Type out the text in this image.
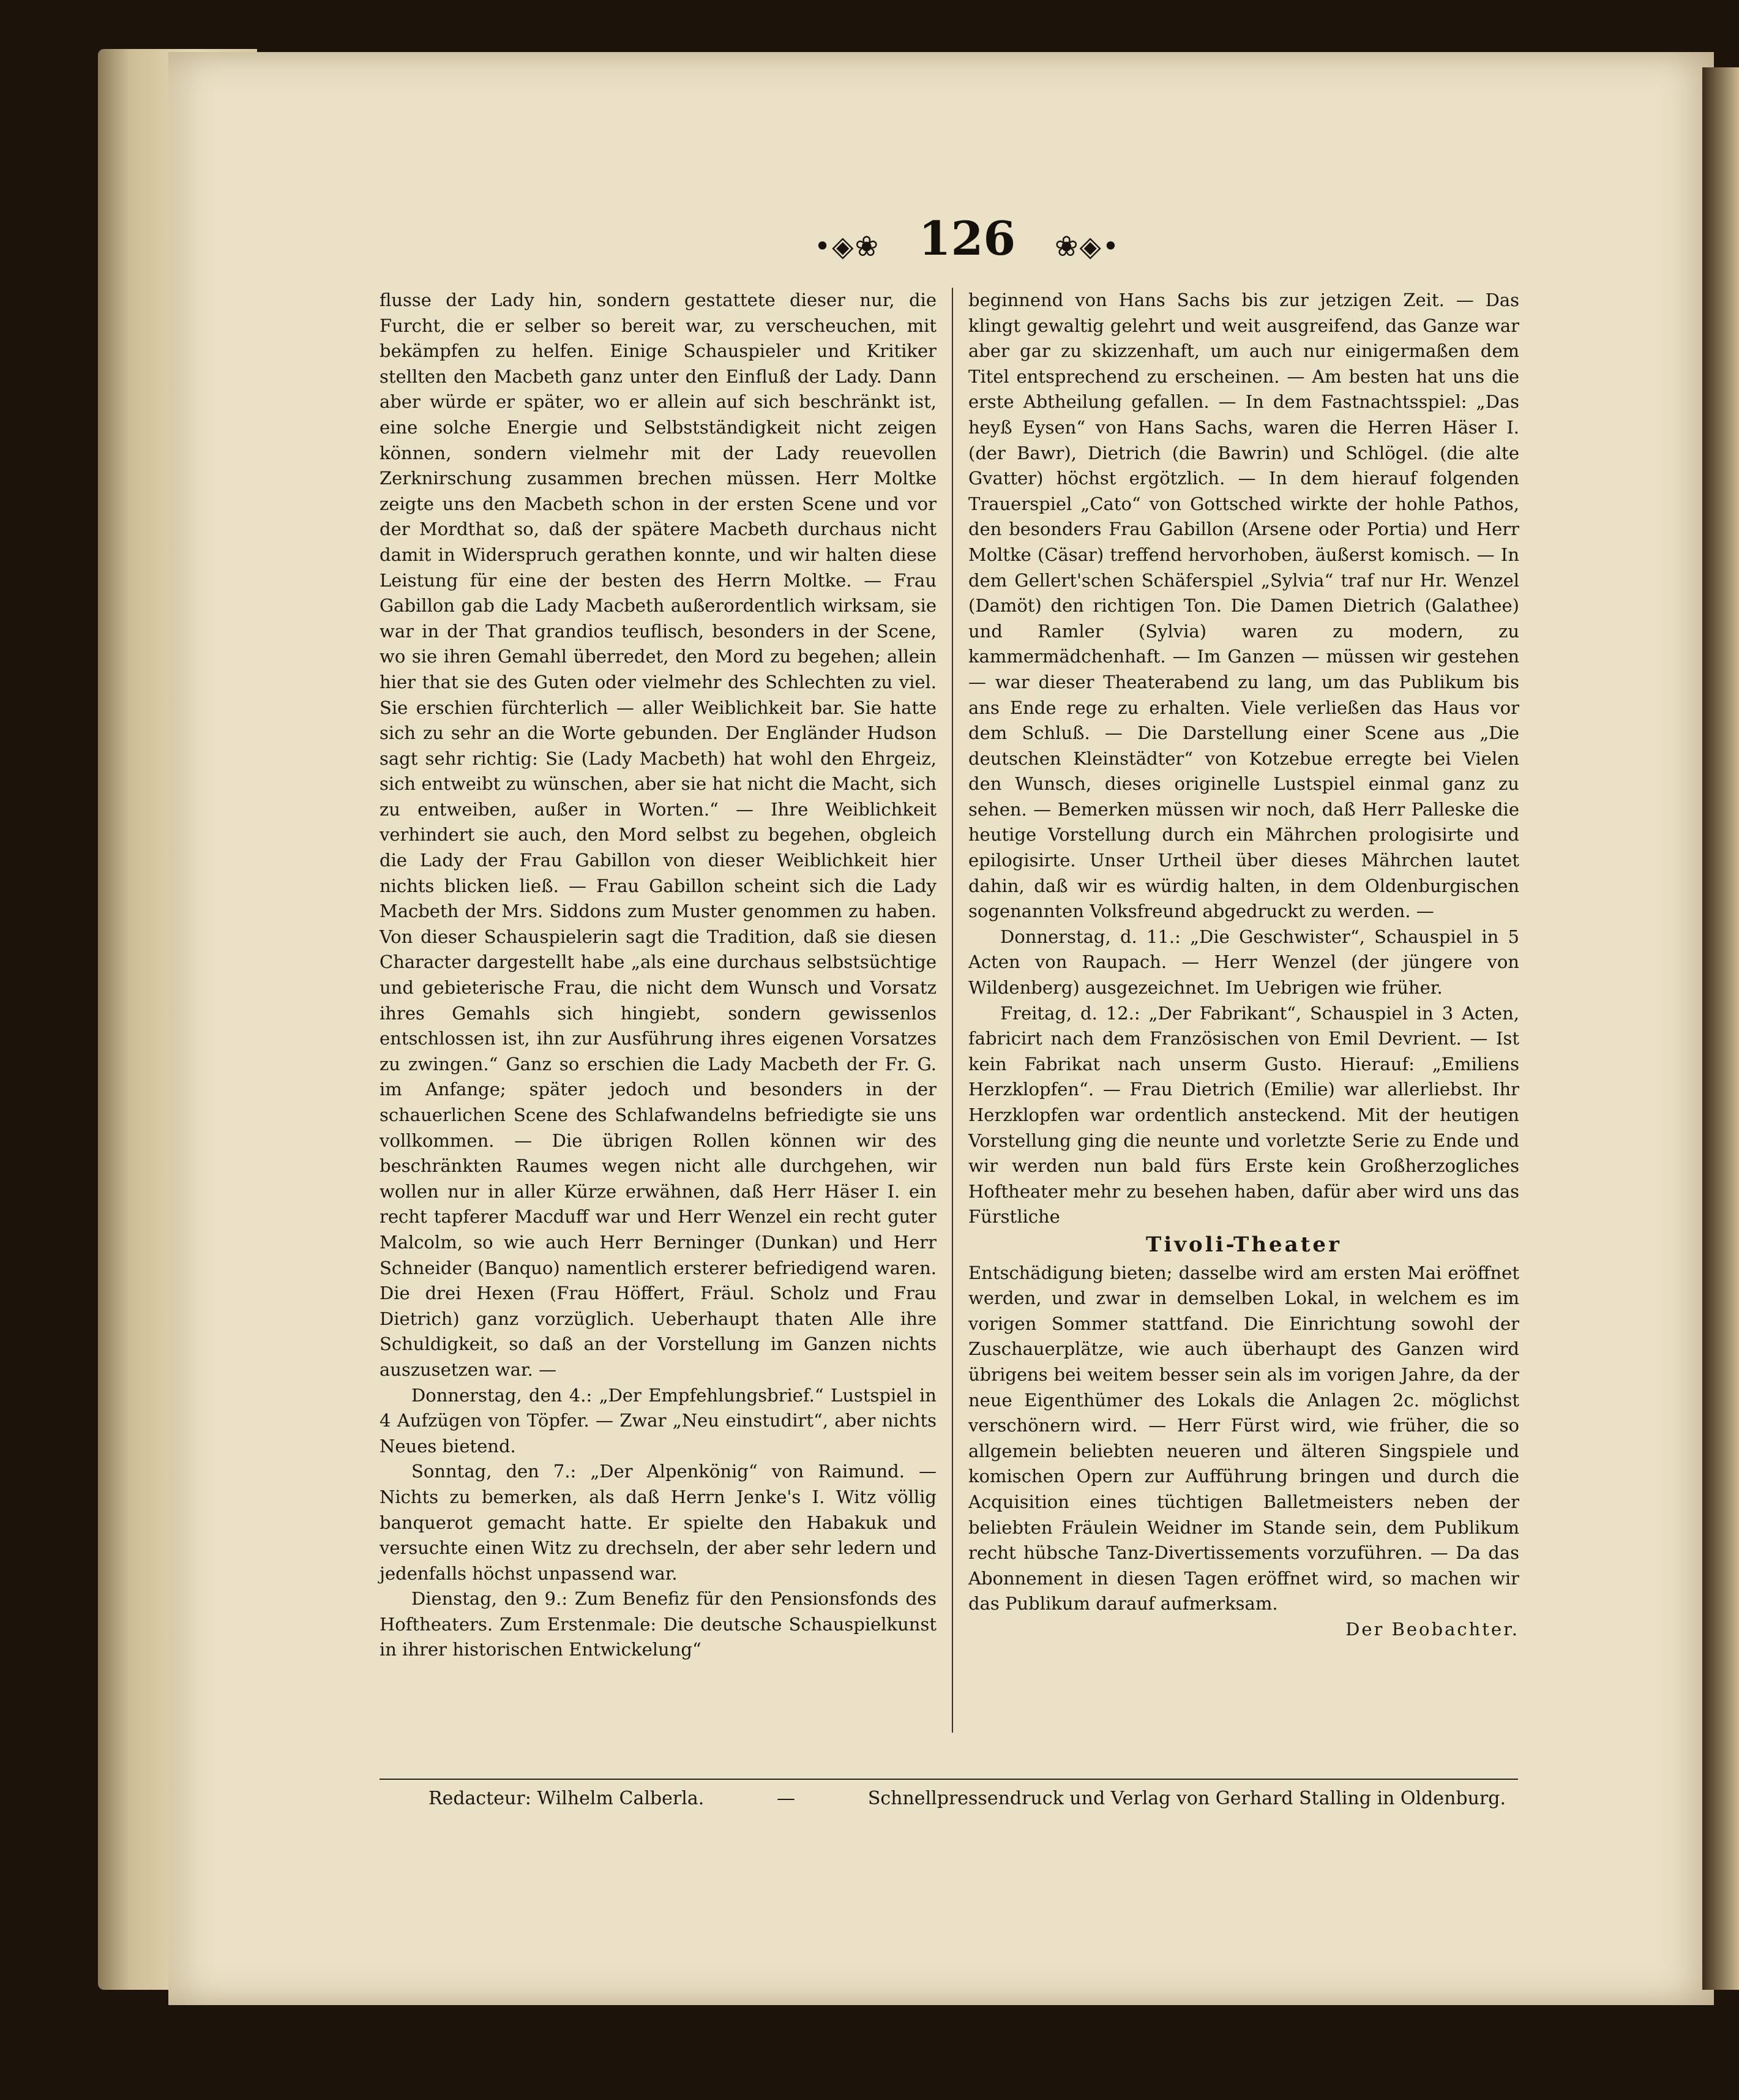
•◈❀ 126 ❀◈•

flusse der Lady hin, sondern gestattete dieser nur, die Furcht, die er selber so bereit war, zu verscheuchen, mit bekämpfen zu helfen. Einige Schauspieler und Kritiker stellten den Macbeth ganz unter den Einfluß der Lady. Dann aber würde er später, wo er allein auf sich beschränkt ist, eine solche Energie und Selbstständigkeit nicht zeigen können, sondern vielmehr mit der Lady reuevollen Zerknirschung zusammen brechen müssen. Herr Moltke zeigte uns den Macbeth schon in der ersten Scene und vor der Mordthat so, daß der spätere Macbeth durchaus nicht damit in Widerspruch gerathen konnte, und wir halten diese Leistung für eine der besten des Herrn Moltke. — Frau Gabillon gab die Lady Macbeth außerordentlich wirksam, sie war in der That grandios teuflisch, besonders in der Scene, wo sie ihren Gemahl überredet, den Mord zu begehen; allein hier that sie des Guten oder vielmehr des Schlechten zu viel. Sie erschien fürchterlich — aller Weiblichkeit bar. Sie hatte sich zu sehr an die Worte gebunden. Der Engländer Hudson sagt sehr richtig: Sie (Lady Macbeth) hat wohl den Ehrgeiz, sich entweibt zu wünschen, aber sie hat nicht die Macht, sich zu entweiben, außer in Worten.“ — Ihre Weiblichkeit verhindert sie auch, den Mord selbst zu begehen, obgleich die Lady der Frau Gabillon von dieser Weiblichkeit hier nichts blicken ließ. — Frau Gabillon scheint sich die Lady Macbeth der Mrs. Siddons zum Muster genommen zu haben. Von dieser Schauspielerin sagt die Tradition, daß sie diesen Character dargestellt habe „als eine durchaus selbstsüchtige und gebieterische Frau, die nicht dem Wunsch und Vorsatz ihres Gemahls sich hingiebt, sondern gewissenlos entschlossen ist, ihn zur Ausführung ihres eigenen Vorsatzes zu zwingen.“ Ganz so erschien die Lady Macbeth der Fr. G. im Anfange; später jedoch und besonders in der schauerlichen Scene des Schlafwandelns befriedigte sie uns vollkommen. — Die übrigen Rollen können wir des beschränkten Raumes wegen nicht alle durchgehen, wir wollen nur in aller Kürze erwähnen, daß Herr Häser I. ein recht tapferer Macduff war und Herr Wenzel ein recht guter Malcolm, so wie auch Herr Berninger (Dunkan) und Herr Schneider (Banquo) namentlich ersterer befriedigend waren. Die drei Hexen (Frau Höffert, Fräul. Scholz und Frau Dietrich) ganz vorzüglich. Ueberhaupt thaten Alle ihre Schuldigkeit, so daß an der Vorstellung im Ganzen nichts auszusetzen war. —

Donnerstag, den 4.: „Der Empfehlungsbrief.“ Lustspiel in 4 Aufzügen von Töpfer. — Zwar „Neu einstudirt“, aber nichts Neues bietend.

Sonntag, den 7.: „Der Alpenkönig“ von Raimund. — Nichts zu bemerken, als daß Herrn Jenke's I. Witz völlig banquerot gemacht hatte. Er spielte den Habakuk und versuchte einen Witz zu drechseln, der aber sehr ledern und jedenfalls höchst unpassend war.

Dienstag, den 9.: Zum Benefiz für den Pensionsfonds des Hoftheaters. Zum Erstenmale: Die deutsche Schauspielkunst in ihrer historischen Entwickelung“

beginnend von Hans Sachs bis zur jetzigen Zeit. — Das klingt gewaltig gelehrt und weit ausgreifend, das Ganze war aber gar zu skizzenhaft, um auch nur einigermaßen dem Titel entsprechend zu erscheinen. — Am besten hat uns die erste Abtheilung gefallen. — In dem Fastnachtsspiel: „Das heyß Eysen“ von Hans Sachs, waren die Herren Häser I. (der Bawr), Dietrich (die Bawrin) und Schlögel. (die alte Gvatter) höchst ergötzlich. — In dem hierauf folgenden Trauerspiel „Cato“ von Gottsched wirkte der hohle Pathos, den besonders Frau Gabillon (Arsene oder Portia) und Herr Moltke (Cäsar) treffend hervorhoben, äußerst komisch. — In dem Gellert'schen Schäferspiel „Sylvia“ traf nur Hr. Wenzel (Damöt) den richtigen Ton. Die Damen Dietrich (Galathee) und Ramler (Sylvia) waren zu modern, zu kammermädchenhaft. — Im Ganzen — müssen wir gestehen — war dieser Theaterabend zu lang, um das Publikum bis ans Ende rege zu erhalten. Viele verließen das Haus vor dem Schluß. — Die Darstellung einer Scene aus „Die deutschen Kleinstädter“ von Kotzebue erregte bei Vielen den Wunsch, dieses originelle Lustspiel einmal ganz zu sehen. — Bemerken müssen wir noch, daß Herr Palleske die heutige Vorstellung durch ein Mährchen prologisirte und epilogisirte. Unser Urtheil über dieses Mährchen lautet dahin, daß wir es würdig halten, in dem Oldenburgischen sogenannten Volksfreund abgedruckt zu werden. —

Donnerstag, d. 11.: „Die Geschwister“, Schauspiel in 5 Acten von Raupach. — Herr Wenzel (der jüngere von Wildenberg) ausgezeichnet. Im Uebrigen wie früher.

Freitag, d. 12.: „Der Fabrikant“, Schauspiel in 3 Acten, fabricirt nach dem Französischen von Emil Devrient. — Ist kein Fabrikat nach unserm Gusto. Hierauf: „Emiliens Herzklopfen“. — Frau Dietrich (Emilie) war allerliebst. Ihr Herzklopfen war ordentlich ansteckend. Mit der heutigen Vorstellung ging die neunte und vorletzte Serie zu Ende und wir werden nun bald fürs Erste kein Großherzogliches Hoftheater mehr zu besehen haben, dafür aber wird uns das Fürstliche

Tivoli-Theater

Entschädigung bieten; dasselbe wird am ersten Mai eröffnet werden, und zwar in demselben Lokal, in welchem es im vorigen Sommer stattfand. Die Einrichtung sowohl der Zuschauerplätze, wie auch überhaupt des Ganzen wird übrigens bei weitem besser sein als im vorigen Jahre, da der neue Eigenthümer des Lokals die Anlagen 2c. möglichst verschönern wird. — Herr Fürst wird, wie früher, die so allgemein beliebten neueren und älteren Singspiele und komischen Opern zur Aufführung bringen und durch die Acquisition eines tüchtigen Balletmeisters neben der beliebten Fräulein Weidner im Stande sein, dem Publikum recht hübsche Tanz-Divertissements vorzuführen. — Da das Abonnement in diesen Tagen eröffnet wird, so machen wir das Publikum darauf aufmerksam.

Der Beobachter.
Redacteur: Wilhelm Calberla.	—	Schnellpressendruck und Verlag von Gerhard Stalling in Oldenburg.
